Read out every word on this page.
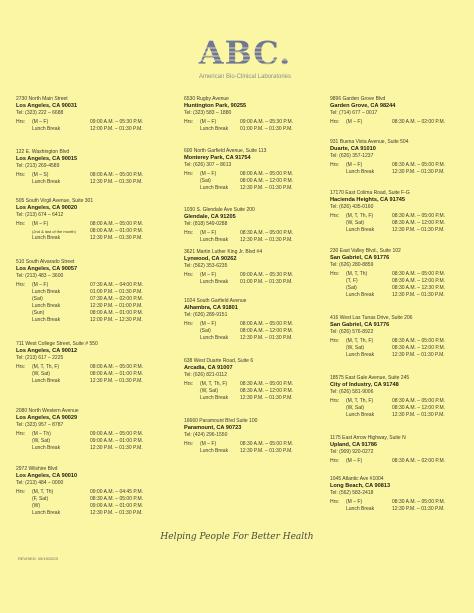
ABC.
American Bio-Clinical Laboratories
2730 North Main Street
Los Angeles, CA 90031
Tel: (323) 222 – 6688
Hrs: (M – F)	09:00 A.M. – 05:30 P.M.
Lunch Break	12:00 P.M. – 01:30 P.M.
122 E. Washington Blvd
Los Angeles, CA 90015
Tel: (213) 269-4589
Hrs: (M – S)	08:00 A.M. – 05:00 P.M.
Lunch Break	12:30 P.M. – 01:30 P.M.
505 South Virgil Avenue, Suite 301
Los Angeles, CA 90020
Tel: (213) 674 – 6412
Hrs: (M – F)	08:00 A.M. – 05:00 P.M.
(2nd & last of the month)	08:00 A.M. – 01:00 P.M.
Lunch Break	12:30 P.M. – 01:30 P.M.
510 South Alvarado Street
Los Angeles, CA 90057
Tel: (213) 483 – 3600
Hrs: (M – F)	07:30 A.M. – 04:00 P.M.
Lunch Break	01:00 P.M. – 01:30 P.M.
(Sat)	07:30 A.M. – 02:00 P.M.
Lunch Break	12:30 P.M. – 01:00 P.M.
(Sun)	08:00 A.M. – 01:00 P.M.
Lunch Break	12:00 P.M. – 12:30 P.M.
711 West College Street, Suite # 550
Los Angeles, CA 90012
Tel: (213) 617 – 2225
Hrs: (M, T, Th, F)	08:00 A.M. – 05:00 P.M.
(W, Sat)	08:00 A.M. – 01:00 P.M.
Lunch Break	12:30 P.M. – 01:30 P.M.
2080 North Western Avenue
Los Angeles, CA 90029
Tel: (323) 957 – 8787
Hrs: (M – Th)	09:00 A.M. – 05:00 P.M.
(W, Sat)	09:00 A.M. – 01:00 P.M.
Lunch Break	12:30 P.M. – 01:30 P.M.
2972 Wilshire Blvd
Los Angeles, CA 90010
Tel: (213) 484 – 0000
Hrs: (M, T, Th)	09:00 A.M. – 04:45 P.M.
(F, Sat)	08:30 A.M. – 05:00 P.M.
(W)	09:00 A.M. – 01:00 P.M.
Lunch Break	12:30 P.M. – 01:30 P.M.
6530 Rugby Avenue
Huntington Park, 90255
Tel: (323) 583 – 1880
Hrs: (M – F)	09:00 A.M. – 05:30 P.M.
Lunch Break 01:00 P.M. – 01:30 P.M.
600 North Garfield Avenue, Suite 113
Monterey Park, CA 91754
Tel: (626) 307 – 8613
Hrs: (M – F)	08:00 A.M. – 05:00 P.M.
(Sat)	08:00 A.M. – 12:00 P.M.
Lunch Break 12:30 P.M. – 01:30 P.M.
1030 S. Glendale Ave Suite 200
Glendale, CA 91205
Tel: (818) 549-0288
Hrs: (M – F)	08:30 A.M. – 05:00 P.M.
Lunch Break 12:30 P.M. – 01:30 P.M.
3621 Martin Luther King Jr. Blvd #4
Lynwood, CA 90262
Tel: (562) 353-6235
Hrs: (M – F)	09:00 A.M. – 05:30 P.M.
Lunch Break 01:00 P.M. – 01:30 P.M.
1024 South Garfield Avenue
Alhambra, CA 91801
Tel: (626) 289-9151
Hrs: (M – F)	08:00 A.M. – 05:00 P.M.
(Sat)	08:00 A.M. – 12:00 P.M.
Lunch Break 12:30 P.M. – 01:30 P.M.
638 West Duarte Road, Suite 6
Arcadia, CA 91007
Tel: (626) 821-0112
Hrs: (M, T, Th, F)	08:30 A.M. – 05:00 P.M.
(W, Sat)	08:30 A.M. – 12:00 P.M.
Lunch Break 12:30 P.M. – 01:30 P.M.
16660 Paramount Blvd Suite 100
Paramount, CA 90723
Tel: (424) 296-1550
Hrs: (M – F)	08:30 A.M. – 05:00 P.M.
Lunch Break 12:30 P.M. – 01:30 P.M.
9896 Garden Grove Blvd
Garden Grove, CA 98244
Tel: (714) 677 – 0017
Hrs: (M – F)	08:30 A.M. – 02:00 P.M.
931 Buena Vista Avenue, Suite 504
Duarte, CA 91010
Tel: (626) 357-1237
Hrs: (M – F)	08:30 A.M. – 05:00 P.M.
Lunch Break	12:30 P.M. – 01:30 P.M.
17170 East Colima Road, Suite F-G
Hacienda Heights, CA 91745
Tel: (626) 435-0160
Hrs: (M, T, Th, F)	08:30 A.M. – 05:00 P.M.
(W, Sat)	08:30 A.M. – 12:00 P.M.
Lunch Break	12:30 P.M. – 01:30 P.M.
230 East Valley Blvd., Suite 102
San Gabriel, CA 91776
Tel: (626) 280-8859
Hrs: (M, T, Th)	08:30 A.M. – 05:00 P.M.
(T, F)	08:30 A.M. – 12:00 P.M.
(Sat)	08:30 A.M. – 12:30 P.M.
Lunch Break	12:30 P.M. – 01:30 P.M.
416 West Las Tunas Drive, Suite 206
San Gabriel, CA 91776
Tel: (626) 576-8922
Hrs: (M, T, Th, F)	08:30 A.M. – 05:00 P.M.
(W, Sat)	08:30 A.M. – 12:00 P.M.
Lunch Break	12:30 P.M. – 01:30 P.M.
18575 East Gale Avenue, Suite 245
City of Industry, CA 91748
Tel: (626) 581-9006
Hrs: (M, T, Th, F)	08:30 A.M. – 05:00 P.M.
(W, Sat)	08:30 A.M. – 12:00 P.M.
Lunch Break	12:30 P.M. – 01:30 P.M.
1175 East Arrow Highway, Suite N
Upland, CA 91786
Tel: (909) 920-0272
Hrs: (M – F)	08:30 A.M. – 02:00 P.M.
1045 Atlantic Ave #1004
Long Beach, CA 90813
Tel: (562) 583-2418
Hrs: (M – F)	08:30 A.M. – 05:00 P.M.
Lunch Break	12:30 P.M. – 01:30 P.M.
Helping People For Better Health
REVISED: 09/19/2023
